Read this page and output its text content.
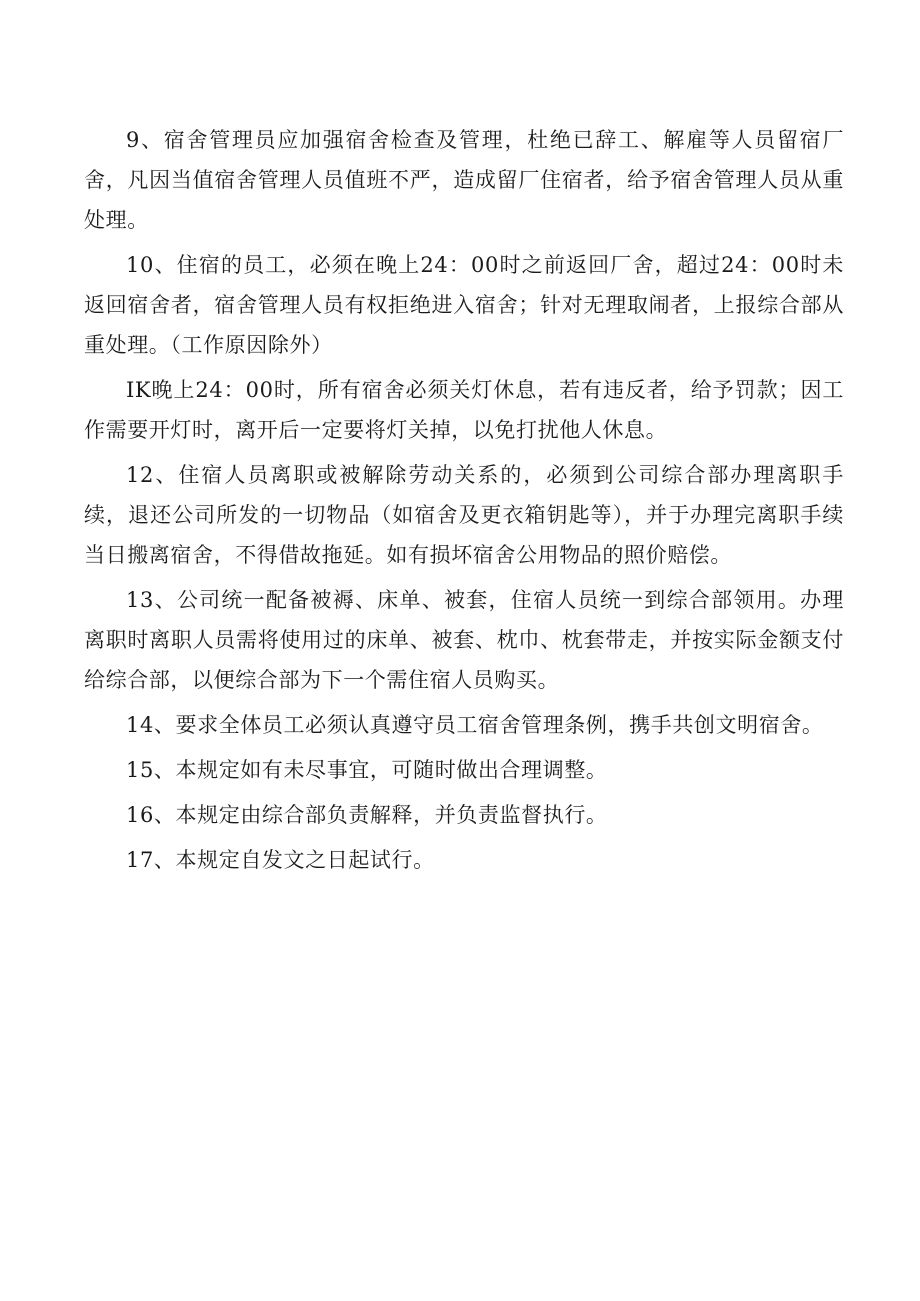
9、宿舍管理员应加强宿舍检查及管理，杜绝已辞工、解雇等人员留宿厂舍，凡因当值宿舍管理人员值班不严，造成留厂住宿者，给予宿舍管理人员从重处理。

10、住宿的员工，必须在晚上24：00时之前返回厂舍，超过24：00时未返回宿舍者，宿舍管理人员有权拒绝进入宿舍；针对无理取闹者，上报综合部从重处理。（工作原因除外）

IK晚上24：00时，所有宿舍必须关灯休息，若有违反者，给予罚款；因工作需要开灯时，离开后一定要将灯关掉，以免打扰他人休息。

12、住宿人员离职或被解除劳动关系的，必须到公司综合部办理离职手续，退还公司所发的一切物品（如宿舍及更衣箱钥匙等），并于办理完离职手续当日搬离宿舍，不得借故拖延。如有损坏宿舍公用物品的照价赔偿。

13、公司统一配备被褥、床单、被套，住宿人员统一到综合部领用。办理离职时离职人员需将使用过的床单、被套、枕巾、枕套带走，并按实际金额支付给综合部，以便综合部为下一个需住宿人员购买。

14、要求全体员工必须认真遵守员工宿舍管理条例，携手共创文明宿舍。

15、本规定如有未尽事宜，可随时做出合理调整。

16、本规定由综合部负责解释，并负责监督执行。

17、本规定自发文之日起试行。
